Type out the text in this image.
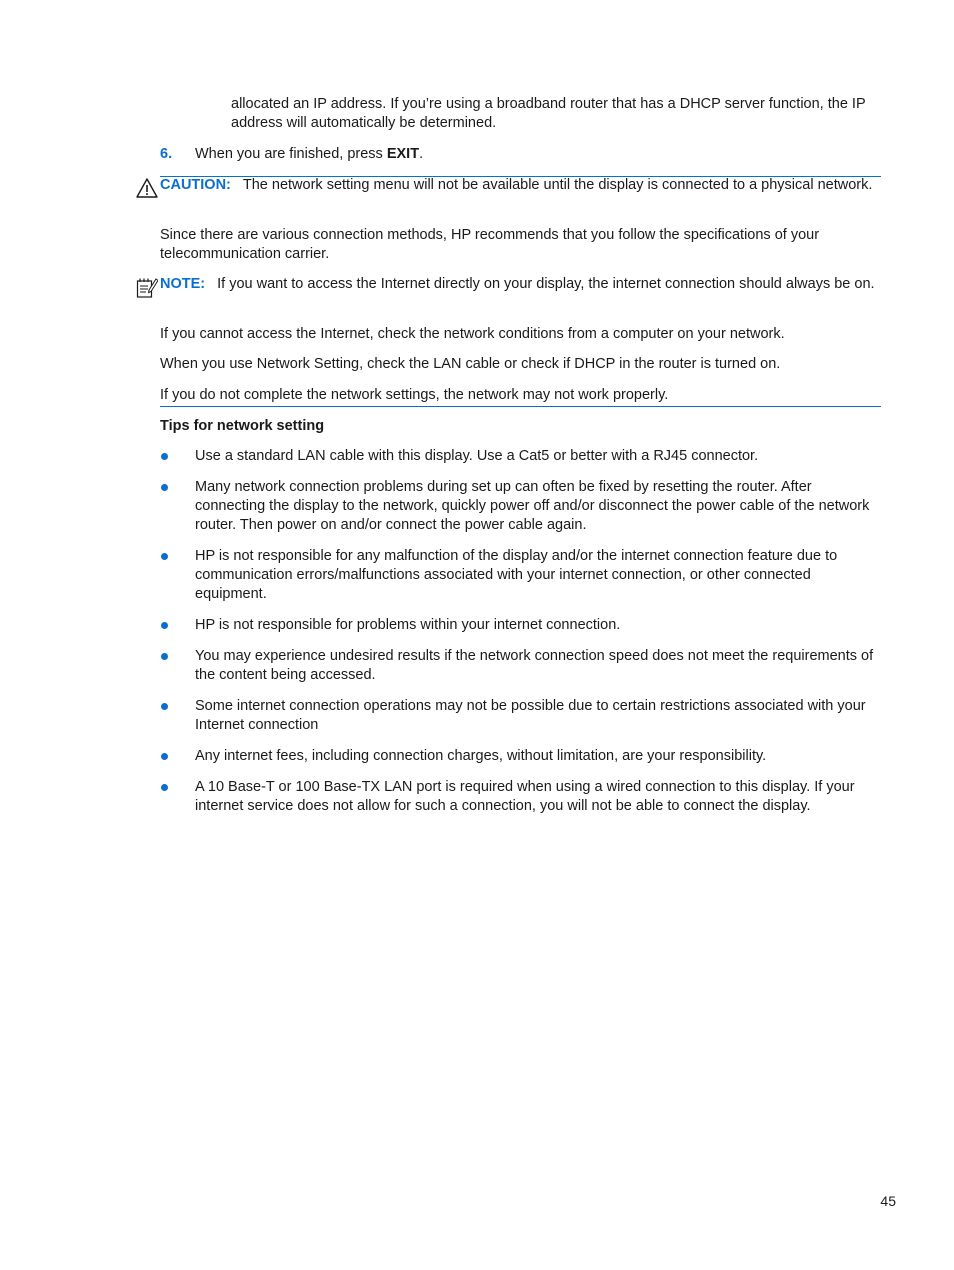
allocated an IP address. If you’re using a broadband router that has a DHCP server function, the IP address will automatically be determined.
6. When you are finished, press EXIT.
CAUTION: The network setting menu will not be available until the display is connected to a physical network.
Since there are various connection methods, HP recommends that you follow the specifications of your telecommunication carrier.
NOTE: If you want to access the Internet directly on your display, the internet connection should always be on.
If you cannot access the Internet, check the network conditions from a computer on your network.
When you use Network Setting, check the LAN cable or check if DHCP in the router is turned on.
If you do not complete the network settings, the network may not work properly.
Tips for network setting
Use a standard LAN cable with this display. Use a Cat5 or better with a RJ45 connector.
Many network connection problems during set up can often be fixed by resetting the router. After connecting the display to the network, quickly power off and/or disconnect the power cable of the network router. Then power on and/or connect the power cable again.
HP is not responsible for any malfunction of the display and/or the internet connection feature due to communication errors/malfunctions associated with your internet connection, or other connected equipment.
HP is not responsible for problems within your internet connection.
You may experience undesired results if the network connection speed does not meet the requirements of the content being accessed.
Some internet connection operations may not be possible due to certain restrictions associated with your Internet connection
Any internet fees, including connection charges, without limitation, are your responsibility.
A 10 Base-T or 100 Base-TX LAN port is required when using a wired connection to this display. If your internet service does not allow for such a connection, you will not be able to connect the display.
45
